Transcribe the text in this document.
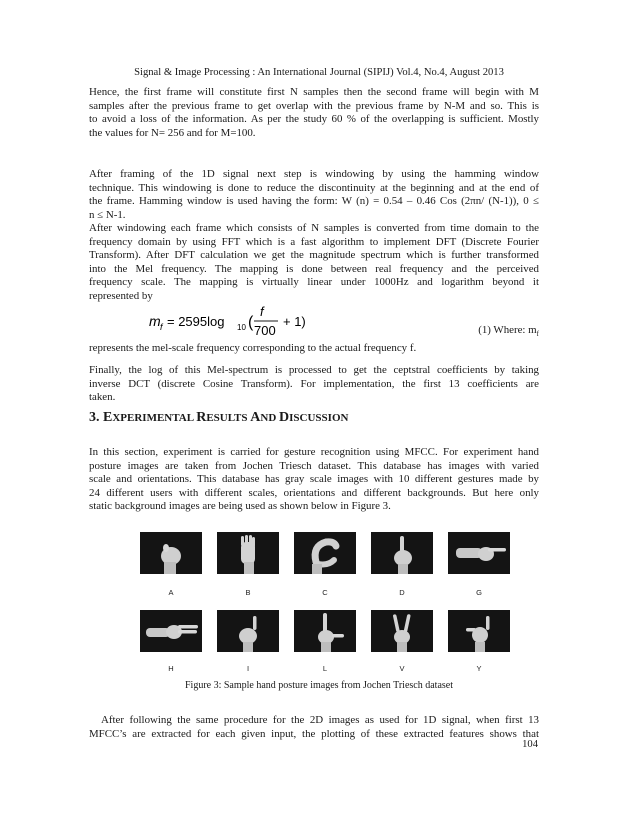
Signal & Image Processing : An International Journal (SIPIJ) Vol.4, No.4, August 2013
Hence, the first frame will constitute first N samples then the second frame will begin with M
samples after the previous frame to get overlap with the previous frame by N-M and so. This is
to avoid a loss of the information. As per the study 60 % of the overlapping is sufficient. Mostly
the values for N= 256 and for M=100.
After framing of the 1D signal next step is windowing by using the hamming window
technique. This windowing is done to reduce the discontinuity at the beginning and at the end of
the frame. Hamming window is used having the form: W (n) = 0.54 – 0.46 Cos (2πn/ (N-1)), 0 ≤
n ≤ N-1.
After windowing each frame which consists of N samples is converted from time domain to the
frequency domain by using FFT which is a fast algorithm to implement DFT (Discrete Fourier
Transform). After DFT calculation we get the magnitude spectrum which is further transformed
into the Mel frequency. The mapping is done between real frequency and the perceived
frequency scale. The mapping is virtually linear under 1000Hz and logarithm beyond it
represented by
m f = 2595log 10 (
f
700
+ 1)
(1) Where: $m_f$
represents the mel-scale frequency corresponding to the actual frequency f.
Finally, the log of this Mel-spectrum is processed to get the ceptstral coefficients by taking
inverse DCT (discrete Cosine Transform). For implementation, the first 13 coefficients are
taken.
3. EXPERIMENTAL RESULTS AND DISCUSSION
In this section, experiment is carried for gesture recognition using MFCC. For experiment hand
posture images are taken from Jochen Triesch dataset. This database has images with varied
scale and orientations. This database has gray scale images with 10 different gestures made by
24 different users with different scales, orientations and different backgrounds. But here only
static background images are being used as shown below in Figure 3.
A	B	C	D	G
H	I	L	V	Y
Figure 3: Sample hand posture images from Jochen Triesch dataset
After following the same procedure for the 2D images as used for 1D signal, when first 13
MFCC’s are extracted for each given input, the plotting of these extracted features shows that
104
